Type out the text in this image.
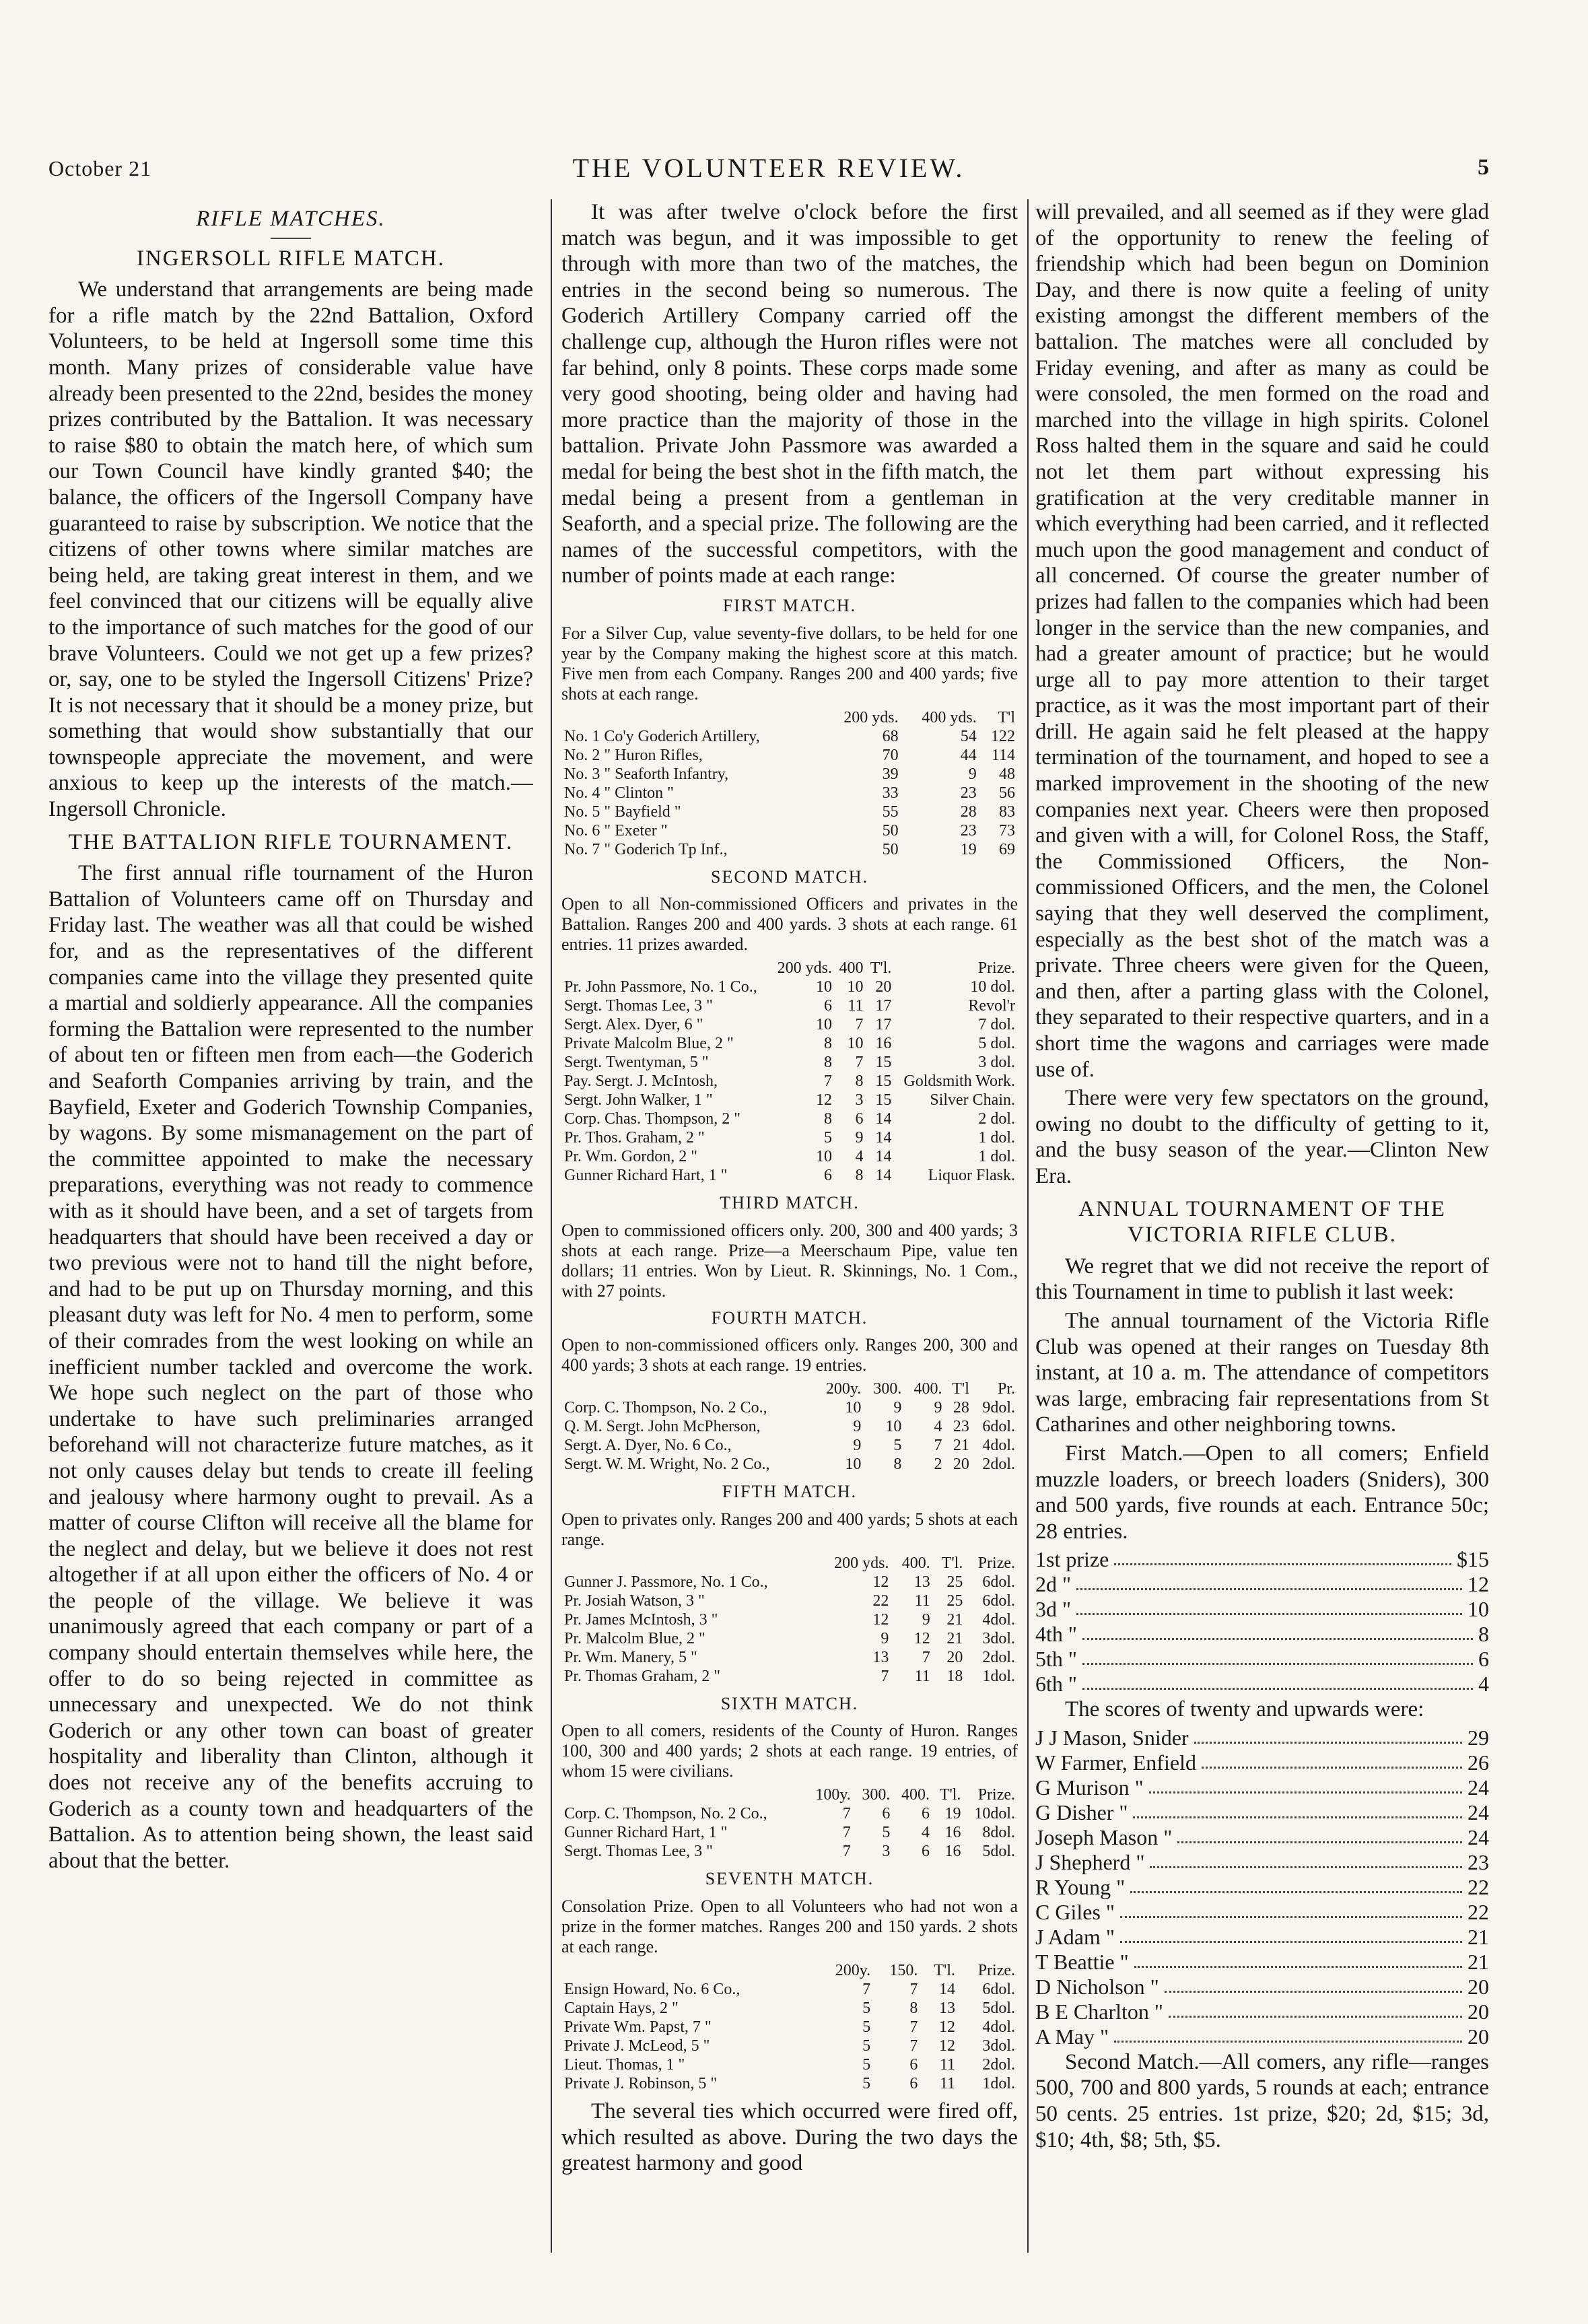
October 21	THE VOLUNTEER REVIEW.	5
RIFLE MATCHES.
INGERSOLL RIFLE MATCH.

We understand that arrangements are being made for a rifle match by the 22nd Battalion, Oxford Volunteers, to be held at Ingersoll some time this month. Many prizes of considerable value have already been presented to the 22nd, besides the money prizes contributed by the Battalion. It was necessary to raise $80 to obtain the match here, of which sum our Town Council have kindly granted $40; the balance, the officers of the Ingersoll Company have guaranteed to raise by subscription. We notice that the citizens of other towns where similar matches are being held, are taking great interest in them, and we feel convinced that our citizens will be equally alive to the importance of such matches for the good of our brave Volunteers. Could we not get up a few prizes? or, say, one to be styled the Ingersoll Citizens' Prize? It is not necessary that it should be a money prize, but something that would show substantially that our townspeople appreciate the movement, and were anxious to keep up the interests of the match.—Ingersoll Chronicle.

THE BATTALION RIFLE TOURNAMENT.

The first annual rifle tournament of the Huron Battalion of Volunteers came off on Thursday and Friday last. The weather was all that could be wished for, and as the representatives of the different companies came into the village they presented quite a martial and soldierly appearance. All the companies forming the Battalion were represented to the number of about ten or fifteen men from each—the Goderich and Seaforth Companies arriving by train, and the Bayfield, Exeter and Goderich Township Companies, by wagons. By some mismanagement on the part of the committee appointed to make the necessary preparations, everything was not ready to commence with as it should have been, and a set of targets from headquarters that should have been received a day or two previous were not to hand till the night before, and had to be put up on Thursday morning, and this pleasant duty was left for No. 4 men to perform, some of their comrades from the west looking on while an inefficient number tackled and overcome the work. We hope such neglect on the part of those who undertake to have such preliminaries arranged beforehand will not characterize future matches, as it not only causes delay but tends to create ill feeling and jealousy where harmony ought to prevail. As a matter of course Clifton will receive all the blame for the neglect and delay, but we believe it does not rest altogether if at all upon either the officers of No. 4 or the people of the village. We believe it was unanimously agreed that each company or part of a company should entertain themselves while here, the offer to do so being rejected in committee as unnecessary and unexpected. We do not think Goderich or any other town can boast of greater hospitality and liberality than Clinton, although it does not receive any of the benefits accruing to Goderich as a county town and headquarters of the Battalion. As to attention being shown, the least said about that the better.

It was after twelve o'clock before the first match was begun, and it was impossible to get through with more than two of the matches, the entries in the second being so numerous. The Goderich Artillery Company carried off the challenge cup, although the Huron rifles were not far behind, only 8 points. These corps made some very good shooting, being older and having had more practice than the majority of those in the battalion. Private John Passmore was awarded a medal for being the best shot in the fifth match, the medal being a present from a gentleman in Seaforth, and a special prize. The following are the names of the successful competitors, with the number of points made at each range:

FIRST MATCH.
For a Silver Cup, value seventy-five dollars, to be held for one year by the Company making the highest score at this match. Five men from each Company. Ranges 200 and 400 yards; five shots at each range.
	200 yds.	400 yds.	T'l
No. 1 Co'y Goderich Artillery,	68	54	122
No. 2 " Huron Rifles,	70	44	114
No. 3 " Seaforth Infantry,	39	9	48
No. 4 " Clinton "	33	23	56
No. 5 " Bayfield "	55	28	83
No. 6 " Exeter "	50	23	73
No. 7 " Goderich Tp Inf.,	50	19	69
SECOND MATCH.
Open to all Non-commissioned Officers and privates in the Battalion. Ranges 200 and 400 yards. 3 shots at each range. 61 entries. 11 prizes awarded.
	200 yds.	400	T'l.	Prize.
Pr. John Passmore, No. 1 Co.,	10	10	20	10 dol.
Sergt. Thomas Lee, 3 "	6	11	17	Revol'r
Sergt. Alex. Dyer, 6 "	10	7	17	7 dol.
Private Malcolm Blue, 2 "	8	10	16	5 dol.
Sergt. Twentyman, 5 "	8	7	15	3 dol.
Pay. Sergt. J. McIntosh,	7	8	15	Goldsmith Work.
Sergt. John Walker, 1 "	12	3	15	Silver Chain.
Corp. Chas. Thompson, 2 "	8	6	14	2 dol.
Pr. Thos. Graham, 2 "	5	9	14	1 dol.
Pr. Wm. Gordon, 2 "	10	4	14	1 dol.
Gunner Richard Hart, 1 "	6	8	14	Liquor Flask.
THIRD MATCH.
Open to commissioned officers only. 200, 300 and 400 yards; 3 shots at each range. Prize—a Meerschaum Pipe, value ten dollars; 11 entries. Won by Lieut. R. Skinnings, No. 1 Com., with 27 points.
FOURTH MATCH.
Open to non-commissioned officers only. Ranges 200, 300 and 400 yards; 3 shots at each range. 19 entries.
	200y.	300.	400.	T'l	Pr.
Corp. C. Thompson, No. 2 Co.,	10	9	9	28	9dol.
Q. M. Sergt. John McPherson,	9	10	4	23	6dol.
Sergt. A. Dyer, No. 6 Co.,	9	5	7	21	4dol.
Sergt. W. M. Wright, No. 2 Co.,	10	8	2	20	2dol.
FIFTH MATCH.
Open to privates only. Ranges 200 and 400 yards; 5 shots at each range.
	200 yds.	400.	T'l.	Prize.
Gunner J. Passmore, No. 1 Co.,	12	13	25	6dol.
Pr. Josiah Watson, 3 "	22	11	25	6dol.
Pr. James McIntosh, 3 "	12	9	21	4dol.
Pr. Malcolm Blue, 2 "	9	12	21	3dol.
Pr. Wm. Manery, 5 "	13	7	20	2dol.
Pr. Thomas Graham, 2 "	7	11	18	1dol.
SIXTH MATCH.
Open to all comers, residents of the County of Huron. Ranges 100, 300 and 400 yards; 2 shots at each range. 19 entries, of whom 15 were civilians.
	100y.	300.	400.	T'l.	Prize.
Corp. C. Thompson, No. 2 Co.,	7	6	6	19	10dol.
Gunner Richard Hart, 1 "	7	5	4	16	8dol.
Sergt. Thomas Lee, 3 "	7	3	6	16	5dol.
SEVENTH MATCH.
Consolation Prize. Open to all Volunteers who had not won a prize in the former matches. Ranges 200 and 150 yards. 2 shots at each range.
	200y.	150.	T'l.	Prize.
Ensign Howard, No. 6 Co.,	7	7	14	6dol.
Captain Hays, 2 "	5	8	13	5dol.
Private Wm. Papst, 7 "	5	7	12	4dol.
Private J. McLeod, 5 "	5	7	12	3dol.
Lieut. Thomas, 1 "	5	6	11	2dol.
Private J. Robinson, 5 "	5	6	11	1dol.

The several ties which occurred were fired off, which resulted as above. During the two days the greatest harmony and good

will prevailed, and all seemed as if they were glad of the opportunity to renew the feeling of friendship which had been begun on Dominion Day, and there is now quite a feeling of unity existing amongst the different members of the battalion. The matches were all concluded by Friday evening, and after as many as could be were consoled, the men formed on the road and marched into the village in high spirits. Colonel Ross halted them in the square and said he could not let them part without expressing his gratification at the very creditable manner in which everything had been carried, and it reflected much upon the good management and conduct of all concerned. Of course the greater number of prizes had fallen to the companies which had been longer in the service than the new companies, and had a greater amount of practice; but he would urge all to pay more attention to their target practice, as it was the most important part of their drill. He again said he felt pleased at the happy termination of the tournament, and hoped to see a marked improvement in the shooting of the new companies next year. Cheers were then proposed and given with a will, for Colonel Ross, the Staff, the Commissioned Officers, the Non-commissioned Officers, and the men, the Colonel saying that they well deserved the compliment, especially as the best shot of the match was a private. Three cheers were given for the Queen, and then, after a parting glass with the Colonel, they separated to their respective quarters, and in a short time the wagons and carriages were made use of.

There were very few spectators on the ground, owing no doubt to the difficulty of getting to it, and the busy season of the year.—Clinton New Era.

ANNUAL TOURNAMENT OF THE VICTORIA RIFLE CLUB.

We regret that we did not receive the report of this Tournament in time to publish it last week:

The annual tournament of the Victoria Rifle Club was opened at their ranges on Tuesday 8th instant, at 10 a. m. The attendance of competitors was large, embracing fair representations from St Catharines and other neighboring towns.

First Match.—Open to all comers; Enfield muzzle loaders, or breech loaders (Sniders), 300 and 500 yards, five rounds at each. Entrance 50c; 28 entries.

1st prize	$15
2d "	12
3d "	10
4th "	8
5th "	6
6th "	4

The scores of twenty and upwards were:

J J Mason, Snider	29
W Farmer, Enfield	26
G Murison "	24
G Disher "	24
Joseph Mason "	24
J Shepherd "	23
R Young "	22
C Giles "	22
J Adam "	21
T Beattie "	21
D Nicholson "	20
B E Charlton "	20
A May "	20

Second Match.—All comers, any rifle—ranges 500, 700 and 800 yards, 5 rounds at each; entrance 50 cents. 25 entries. 1st prize, $20; 2d, $15; 3d, $10; 4th, $8; 5th, $5.
